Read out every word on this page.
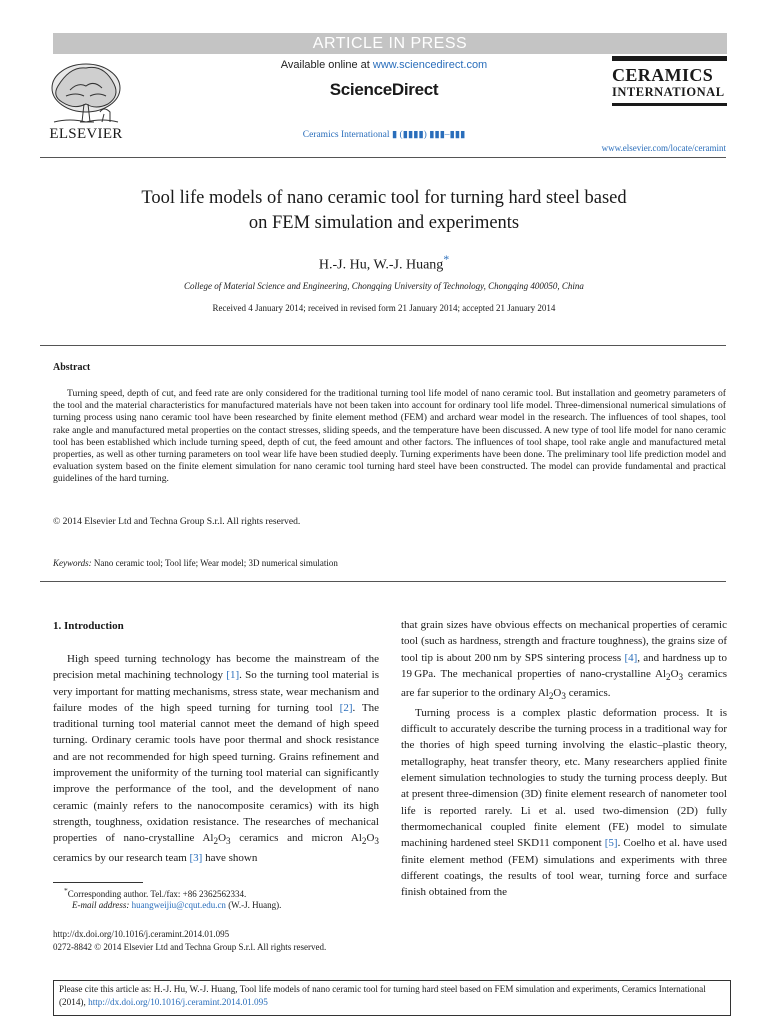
ARTICLE IN PRESS
ELSEVIER
Available online at www.sciencedirect.com
ScienceDirect
Ceramics International ▮ (▮▮▮▮) ▮▮▮–▮▮▮
CERAMICS
INTERNATIONAL
www.elsevier.com/locate/ceramint
Tool life models of nano ceramic tool for turning hard steel based
on FEM simulation and experiments
H.-J. Hu, W.-J. Huang*
College of Material Science and Engineering, Chongqing University of Technology, Chongqing 400050, China
Received 4 January 2014; received in revised form 21 January 2014; accepted 21 January 2014
Abstract

Turning speed, depth of cut, and feed rate are only considered for the traditional turning tool life model of nano ceramic tool. But installation and geometry parameters of the tool and the material characteristics for manufactured materials have not been taken into account for ordinary tool life model. Three-dimensional numerical simulations of turning process using nano ceramic tool have been researched by finite element method (FEM) and archard wear model in the research. The influences of tool shapes, tool rake angle and manufactured metal properties on the contact stresses, sliding speeds, and the temperature have been discussed. A new type of tool life model for nano ceramic tool has been established which include turning speed, depth of cut, the feed amount and other factors. The influences of tool shape, tool rake angle and manufactured metal properties, as well as other turning parameters on tool wear life have been studied deeply. Turning experiments have been done. The preliminary tool life prediction model and evaluation system based on the finite element simulation for nano ceramic tool turning hard steel have been constructed. The model can provide fundamental and practical guidelines of the hard turning.

© 2014 Elsevier Ltd and Techna Group S.r.l. All rights reserved.
Keywords: Nano ceramic tool; Tool life; Wear model; 3D numerical simulation
1. Introduction

High speed turning technology has become the mainstream of the precision metal machining technology [1]. So the turning tool material is very important for matting mechanisms, stress state, wear mechanism and failure modes of the high speed turning for turning tool [2]. The traditional turning tool material cannot meet the demand of high speed turning. Ordinary ceramic tools have poor thermal and shock resistance and are not recommended for high speed turning. Grains refinement and improvement the uniformity of the turning tool material can significantly improve the performance of the tool, and the development of nano ceramic (mainly refers to the nanocomposite ceramics) with its high strength, toughness, oxidation resistance. The researches of mechanical properties of nano-crystalline $Al_2O_3$ ceramics and micron $Al_2O_3$ ceramics by our research team [3] have shown

that grain sizes have obvious effects on mechanical properties of ceramic tool (such as hardness, strength and fracture toughness), the grains size of tool tip is about 200 nm by SPS sintering process [4], and hardness up to 19 GPa. The mechanical properties of nano-crystalline $Al_2O_3$ ceramics are far superior to the ordinary $Al_2O_3$ ceramics.

Turning process is a complex plastic deformation process. It is difficult to accurately describe the turning process in a traditional way for the thories of high speed turning involving the elastic–plastic theory, metallography, heat transfer theory, etc. Many researchers applied finite element simulation technologies to study the turning process deeply. But at present three-dimension (3D) finite element research of nanometer tool life is reported rarely. Li et al. used two-dimension (2D) fully thermomechanical coupled finite element (FE) model to simulate machining hardened steel SKD11 component [5]. Coelho et al. have used finite element method (FEM) simulations and experiments with three different coatings, the results of tool wear, turning force and surface finish obtained from the

*Corresponding author. Tel./fax: +86 2362562334.
E-mail address: huangweijiu@cqut.edu.cn (W.-J. Huang).
http://dx.doi.org/10.1016/j.ceramint.2014.01.095
0272-8842 © 2014 Elsevier Ltd and Techna Group S.r.l. All rights reserved.
Please cite this article as: H.-J. Hu, W.-J. Huang, Tool life models of nano ceramic tool for turning hard steel based on FEM simulation and experiments, Ceramics International (2014), http://dx.doi.org/10.1016/j.ceramint.2014.01.095
